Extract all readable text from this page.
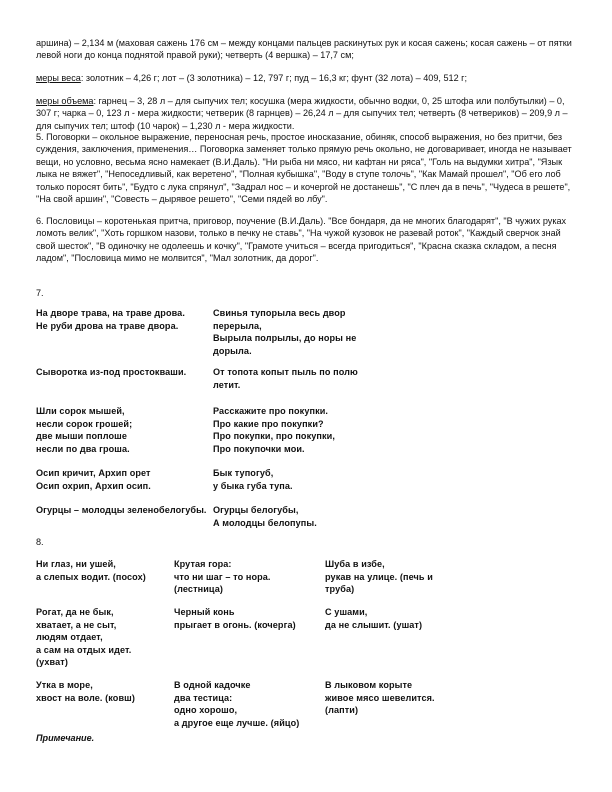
аршина) – 2,134 м (маховая сажень 176 см – между концами пальцев раскинутых рук и косая сажень; косая сажень – от пятки левой ноги до конца поднятой правой руки); четверть (4 вершка) – 17,7 см;

меры веса: золотник – 4,26 г; лот – (3 золотника) – 12, 797 г; пуд – 16,3 кг; фунт (32 лота) – 409, 512 г;

меры объема: гарнец – 3, 28 л – для сыпучих тел; косушка (мера жидкости, обычно водки, 0, 25 штофа или полбутылки) – 0, 307 г; чарка – 0, 123 л - мера жидкости; четверик (8 гарнцев) – 26,24 л – для сыпучих тел; четверть (8 четвериков) – 209,9 л – для сыпучих тел; штоф (10 чарок) – 1,230 л - мера жидкости.

5. Поговорки – окольное выражение, переносная речь, простое иносказание, обиняк, способ выражения, но без притчи, без суждения, заключения, применения… Поговорка заменяет только прямую речь окольно, не договаривает, иногда не называет вещи, но условно, весьма ясно намекает (В.И.Даль). "Ни рыба ни мясо, ни кафтан ни ряса", "Голь на выдумки хитра", "Язык лыка не вяжет", "Непоседливый, как веретено", "Полная кубышка", "Воду в ступе толочь", "Как Мамай прошел", "Об его лоб только поросят бить", "Будто с лука спрянул", "Задрал нос – и кочергой не достанешь", "С плеч да в печь", "Чудеса в решете", "На свой аршин", "Совесть – дырявое решето", "Семи пядей во лбу".

6. Пословицы – коротенькая притча, приговор, поучение (В.И.Даль). "Все бондаря, да не многих благодарят", "В чужих руках ломоть велик", "Хоть горшком назови, только в печку не ставь", "На чужой кузовок не разевай роток", "Каждый сверчок знай свой шесток", "В одиночку не одолеешь и кочку", "Грамоте учиться – всегда пригодиться", "Красна сказка складом, а песня ладом", "Пословица мимо не молвится", "Мал золотник, да дорог".

7.
На дворе трава, на траве дрова.
Не руби дрова на траве двора.
Сыворотка из-под простокваши.
Шли сорок мышей,
несли сорок грошей;
две мыши поплоше
несли по два гроша.
Осип кричит, Архип орет
Осип охрип, Архип осип.
Огурцы – молодцы зеленобелогубы.
Свинья тупорыла весь двор
перерыла,
Вырыла полрылы, до норы не
дорыла.
От топота копыт пыль по полю
летит.
Расскажите про покупки.
Про какие про покупки?
Про покупки, про покупки,
Про покупочки мои.
Бык тупогуб,
у быка губа тупа.
Огурцы белогубы,
А молодцы белопупы.
8.
Ни глаз, ни ушей,
а слепых водит. (посох)
Крутая гора:
что ни шаг – то нора.
(лестница)
Шуба в избе,
рукав на улице. (печь и
труба)
Рогат, да не бык,
хватает, а не сыт,
людям отдает,
а сам на отдых идет.
(ухват)
Черный конь
прыгает в огонь. (кочерга)
С ушами,
да не слышит. (ушат)
Утка в море,
хвост на воле. (ковш)
В одной кадочке
два тестица:
одно хорошо,
а другое еще лучше. (яйцо)
В лыковом корыте
живое мясо шевелится.
(лапти)
Примечание.
